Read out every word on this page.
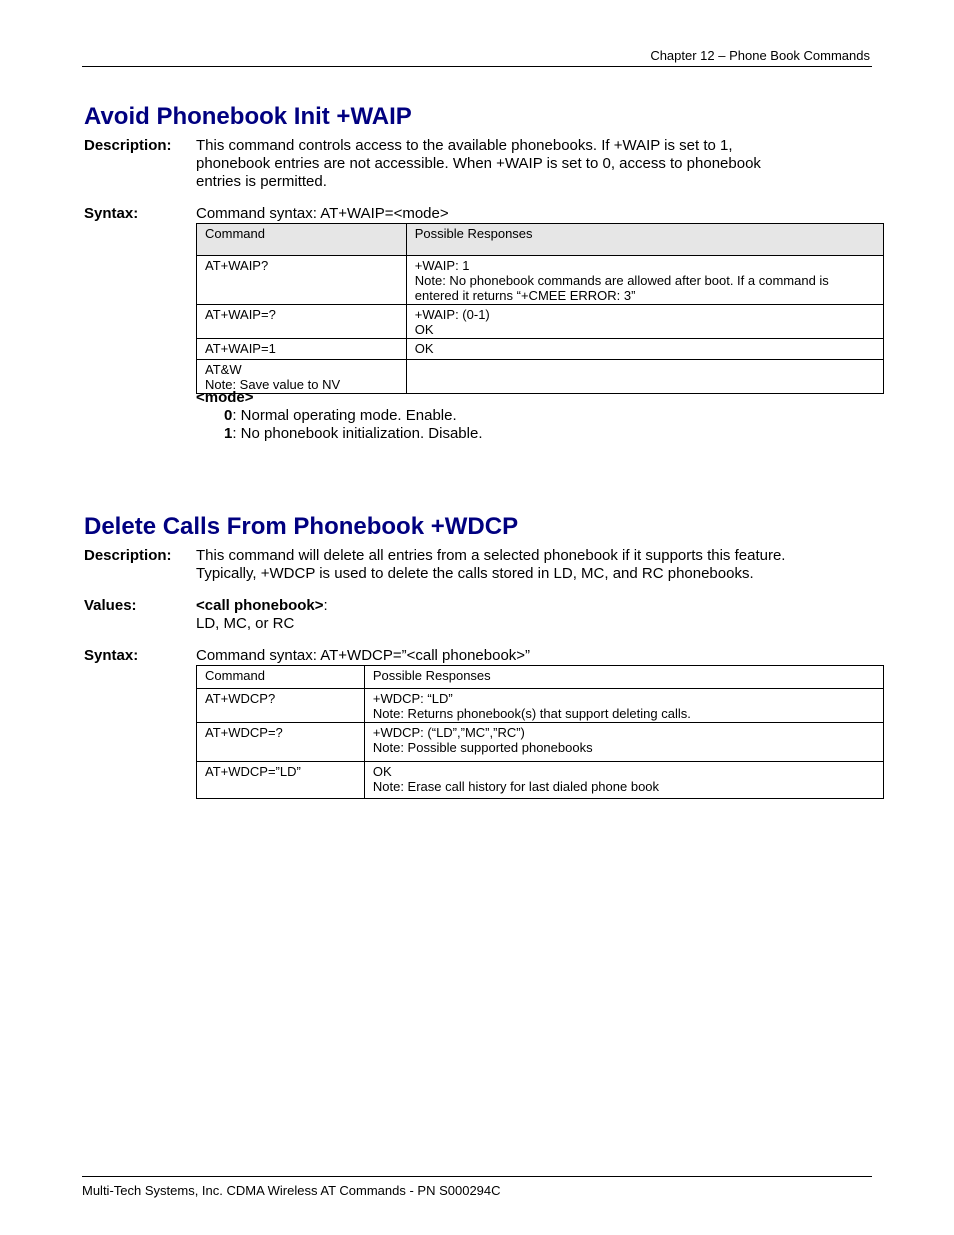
Chapter 12 – Phone Book Commands
Avoid Phonebook Init +WAIP
Description: This command controls access to the available phonebooks. If +WAIP is set to 1,
phonebook entries are not accessible. When +WAIP is set to 0, access to phonebook
entries is permitted.
Syntax:	Command syntax: AT+WAIP=<mode>
Command	Possible Responses

AT+WAIP?	+WAIP: 1
Note: No phonebook commands are allowed after boot. If a command is
entered it returns “+CMEE ERROR: 3”

AT+WAIP=?	+WAIP: (0-1)
OK

AT+WAIP=1	OK

AT&W
Note: Save value to NV	

<mode>
0: Normal operating mode. Enable.
1: No phonebook initialization. Disable.
Delete Calls From Phonebook +WDCP
Description: This command will delete all entries from a selected phonebook if it supports this feature.
Typically, +WDCP is used to delete the calls stored in LD, MC, and RC phonebooks.
Values:	<call phonebook>:
LD, MC, or RC
Syntax:	Command syntax: AT+WDCP=”<call phonebook>”
Command	Possible Responses

AT+WDCP?	+WDCP: “LD”
Note: Returns phonebook(s) that support deleting calls.

AT+WDCP=?	+WDCP: (“LD”,”MC”,”RC”)
Note: Possible supported phonebooks

AT+WDCP=”LD”	OK
Note: Erase call history for last dialed phone book
Multi-Tech Systems, Inc. CDMA Wireless AT Commands - PN S000294C
